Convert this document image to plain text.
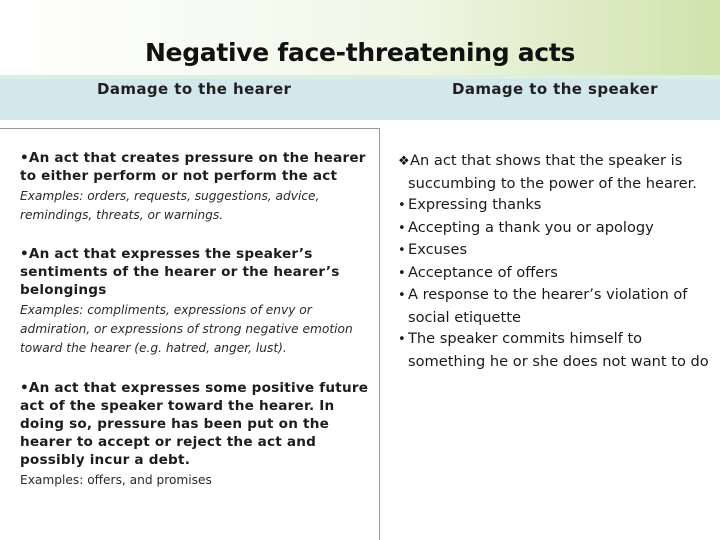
Negative face-threatening acts
Damage to the hearer	Damage to the speaker
•An act that creates pressure on the hearer to either perform or not perform the act
Examples: orders, requests, suggestions, advice, remindings, threats, or warnings.
•An act that expresses the speaker’s sentiments of the hearer or the hearer’s belongings
Examples: compliments, expressions of envy or admiration, or expressions of strong negative emotion toward the hearer (e.g. hatred, anger, lust).
•An act that expresses some positive future act of the speaker toward the hearer. In doing so, pressure has been put on the hearer to accept or reject the act and possibly incur a debt.
Examples: offers, and promises
❖An act that shows that the speaker is
succumbing to the power of the hearer.
• Expressing thanks
• Accepting a thank you or apology
• Excuses
• Acceptance of offers
• A response to the hearer’s violation of
social etiquette
• The speaker commits himself to
something he or she does not want to do
